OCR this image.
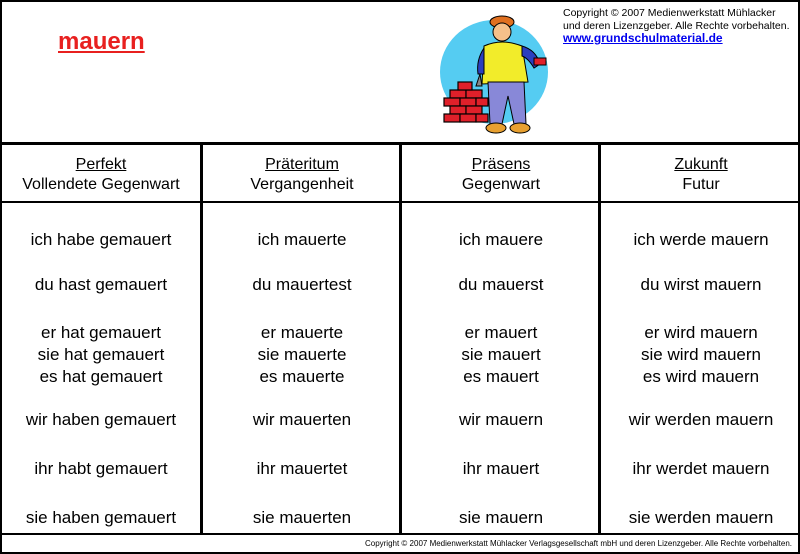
mauern
Copyright © 2007 Medienwerkstatt Mühlacker
und deren Lizenzgeber. Alle Rechte vorbehalten.
www.grundschulmaterial.de
Perfekt
Vollendete Gegenwart
ich habe gemauert
du hast gemauert
er hat gemauert
sie hat gemauert
es hat gemauert
wir haben gemauert
ihr habt gemauert
sie haben gemauert
Präteritum
Vergangenheit
ich mauerte
du mauertest
er mauerte
sie mauerte
es mauerte
wir mauerten
ihr mauertet
sie mauerten
Präsens
Gegenwart
ich mauere
du mauerst
er mauert
sie mauert
es mauert
wir mauern
ihr mauert
sie mauern
Zukunft
Futur
ich werde mauern
du wirst mauern
er wird mauern
sie wird mauern
es wird mauern
wir werden mauern
ihr werdet mauern
sie werden mauern
Copyright © 2007 Medienwerkstatt Mühlacker Verlagsgesellschaft mbH und deren Lizenzgeber. Alle Rechte vorbehalten.
